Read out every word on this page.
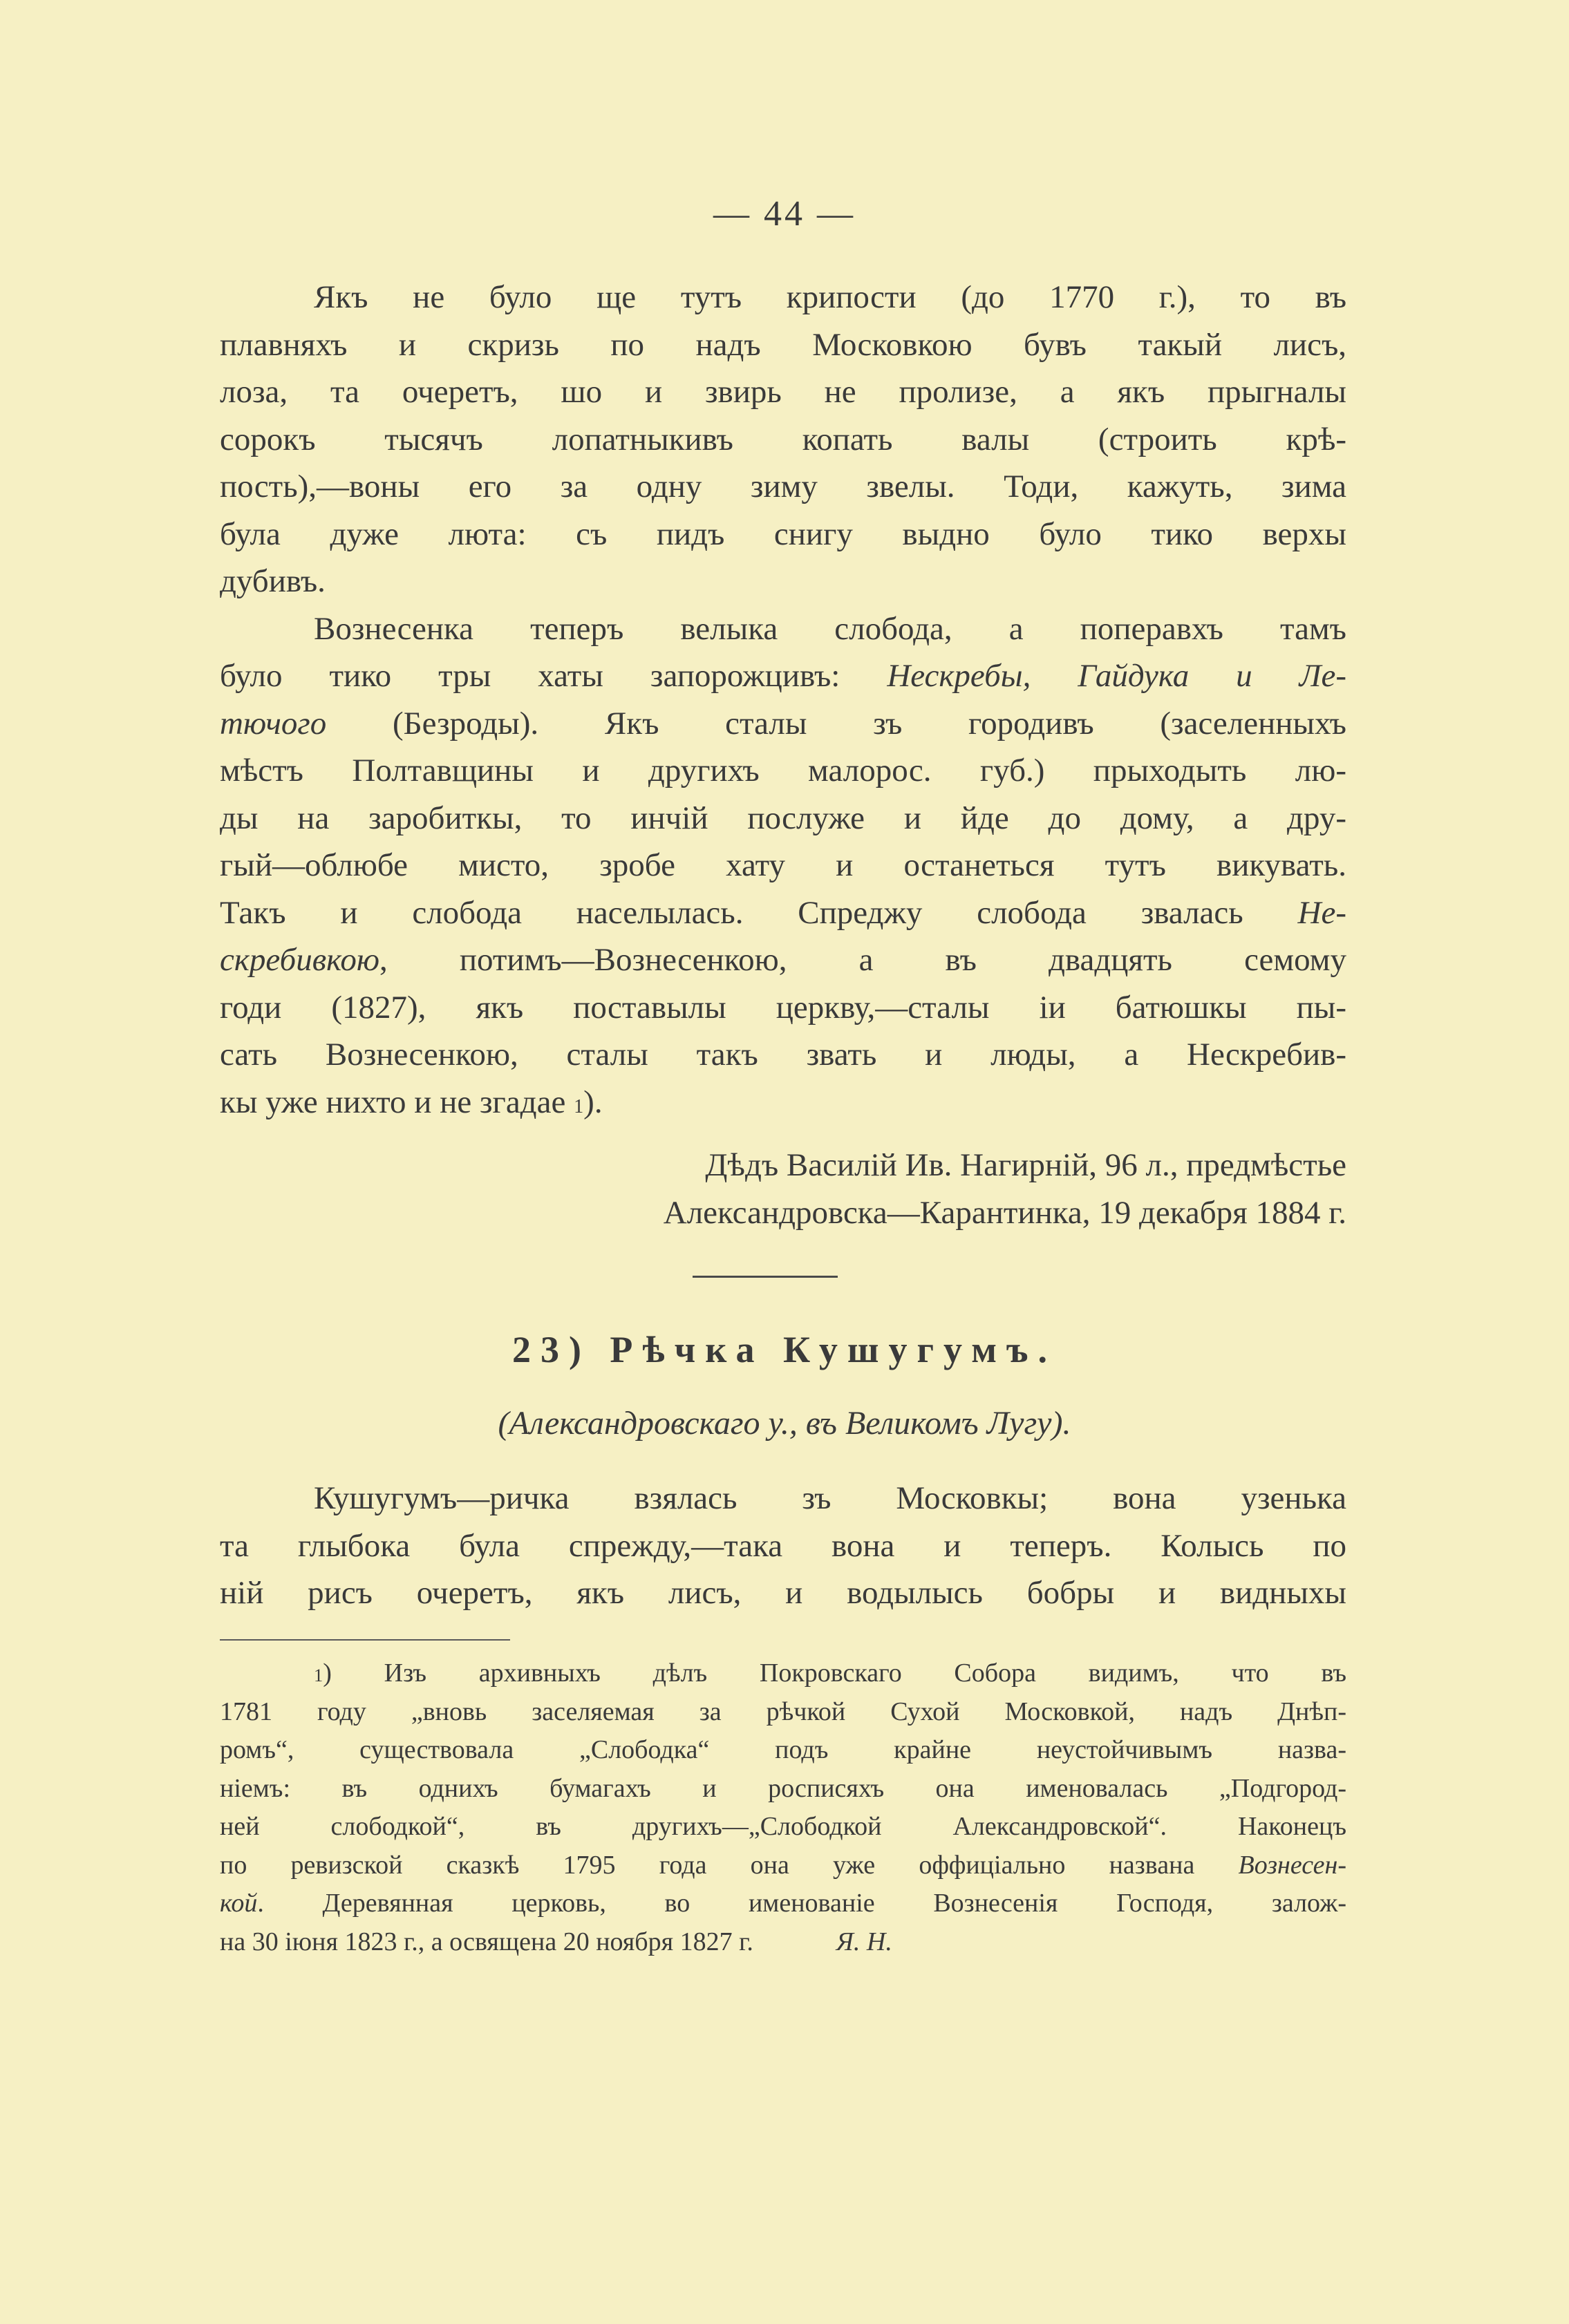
— 44 —
Якъ не було ще тутъ крипости (до 1770 г.), то въ
плавняхъ и скризь по надъ Московкою бувъ такый лисъ,
лоза, та очеретъ, шо и звирь не пролизе, а якъ прыгналы
сорокъ тысячъ лопатныкивъ копать валы (строить крѣ-
пость),—воны его за одну зиму звелы. Тоди, кажуть, зима
була дуже люта: съ пидъ снигу выдно було тико верхы
дубивъ.
Вознесенка теперъ велыка слобода, а поперавхъ тамъ
було тико тры хаты запорожцивъ: Нескребы, Гайдука и Ле-
тючого (Безроды). Якъ сталы зъ городивъ (заселенныхъ
мѣстъ Полтавщины и другихъ малорос. губ.) прыходыть лю-
ды на заробиткы, то инчій послуже и йде до дому, а дру-
гый—облюбе мисто, зробе хату и останеться тутъ викувать.
Такъ и слобода населылась. Спреджу слобода звалась Не-
скребивкою, потимъ—Вознесенкою, а въ двадцять семому
годи (1827), якъ поставылы церкву,—сталы іи батюшкы пы-
сать Вознесенкою, сталы такъ звать и люды, а Нескребив-
кы уже нихто и не згадае $^1$).
Дѣдъ Василій Ив. Нагирній, 96 л., предмѣстье
Александровска—Карантинка, 19 декабря 1884 г.
23) Рѣчка Кушугумъ.
(Александровскаго у., въ Великомъ Лугу).
Кушугумъ—ричка взялась зъ Московкы; вона узенька
та глыбока була спрежду,—така вона и теперъ. Колысь по
ній рисъ очеретъ, якъ лисъ, и водылысь бобры и видныхы
$^1$) Изъ архивныхъ дѣлъ Покровскаго Собора видимъ, что въ
1781 году „вновь заселяемая за рѣчкой Сухой Московкой, надъ Днѣп-
ромъ“, существовала „Слободка“ подъ крайне неустойчивымъ назва-
ніемъ: въ однихъ бумагахъ и росписяхъ она именовалась „Подгород-
ней слободкой“, въ другихъ—„Слободкой Александровской“. Наконецъ
по ревизской сказкѣ 1795 года она уже оффиціально названа Вознесен-
кой. Деревянная церковь, во именованіе Вознесенія Господя, залож-
на 30 іюня 1823 г., а освящена 20 ноября 1827 г.	Я. Н.
